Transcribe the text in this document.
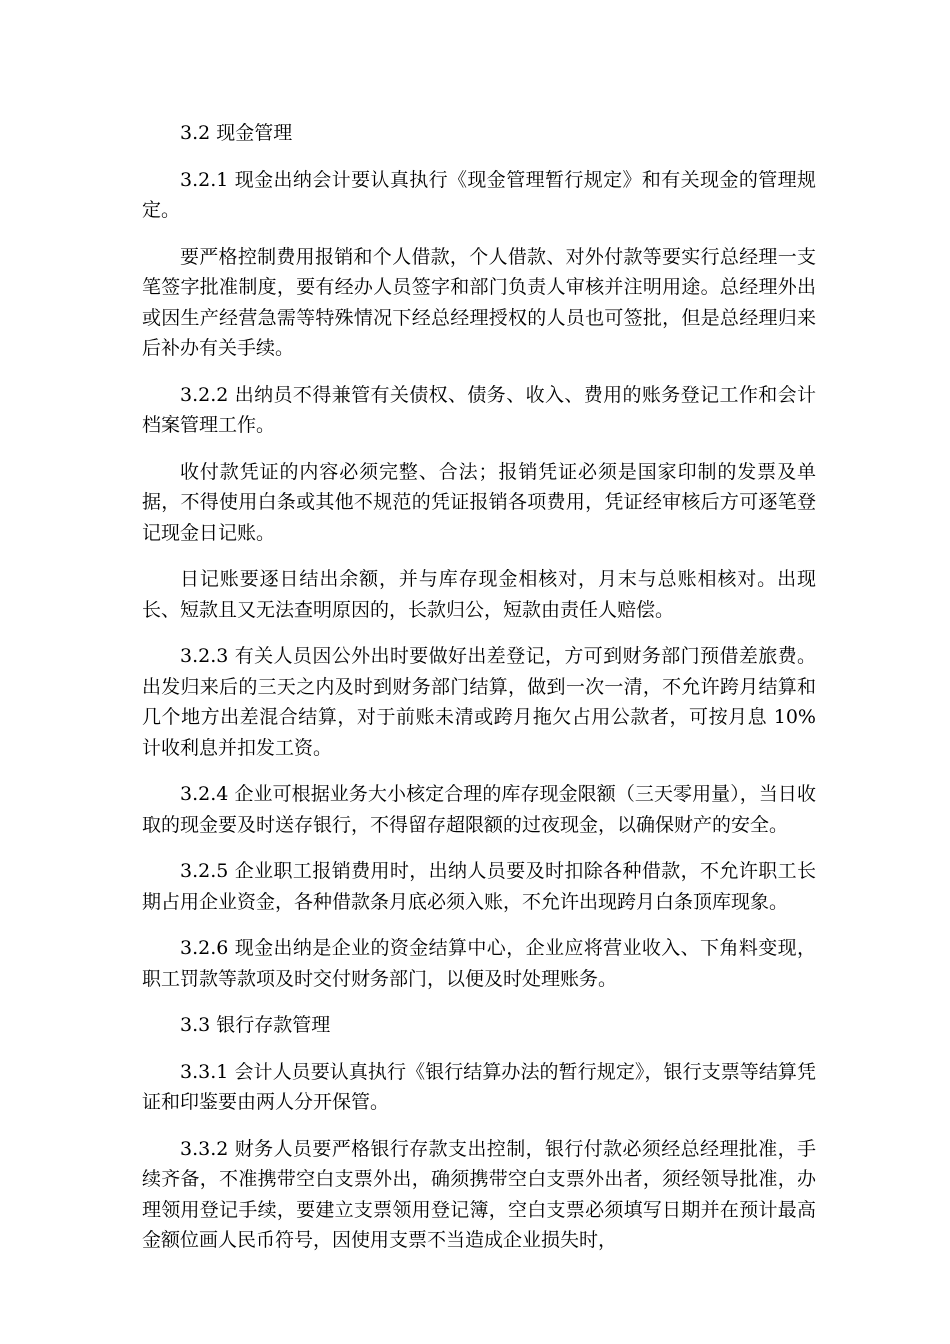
3.2 现金管理

3.2.1 现金出纳会计要认真执行《现金管理暂行规定》和有关现金的管理规定。

要严格控制费用报销和个人借款，个人借款、对外付款等要实行总经理一支笔签字批准制度，要有经办人员签字和部门负责人审核并注明用途。总经理外出或因生产经营急需等特殊情况下经总经理授权的人员也可签批，但是总经理归来后补办有关手续。

3.2.2 出纳员不得兼管有关债权、债务、收入、费用的账务登记工作和会计档案管理工作。

收付款凭证的内容必须完整、合法；报销凭证必须是国家印制的发票及单据，不得使用白条或其他不规范的凭证报销各项费用，凭证经审核后方可逐笔登记现金日记账。

日记账要逐日结出余额，并与库存现金相核对，月末与总账相核对。出现长、短款且又无法查明原因的，长款归公，短款由责任人赔偿。

3.2.3 有关人员因公外出时要做好出差登记，方可到财务部门预借差旅费。出发归来后的三天之内及时到财务部门结算，做到一次一清，不允许跨月结算和几个地方出差混合结算，对于前账未清或跨月拖欠占用公款者，可按月息 10%计收利息并扣发工资。

3.2.4 企业可根据业务大小核定合理的库存现金限额（三天零用量），当日收取的现金要及时送存银行，不得留存超限额的过夜现金，以确保财产的安全。

3.2.5 企业职工报销费用时，出纳人员要及时扣除各种借款，不允许职工长期占用企业资金，各种借款条月底必须入账，不允许出现跨月白条顶库现象。

3.2.6 现金出纳是企业的资金结算中心，企业应将营业收入、下角料变现，职工罚款等款项及时交付财务部门，以便及时处理账务。

3.3 银行存款管理

3.3.1 会计人员要认真执行《银行结算办法的暂行规定》，银行支票等结算凭证和印鉴要由两人分开保管。

3.3.2 财务人员要严格银行存款支出控制，银行付款必须经总经理批准，手续齐备，不准携带空白支票外出，确须携带空白支票外出者，须经领导批准，办理领用登记手续，要建立支票领用登记簿，空白支票必须填写日期并在预计最高金额位画人民币符号，因使用支票不当造成企业损失时，
